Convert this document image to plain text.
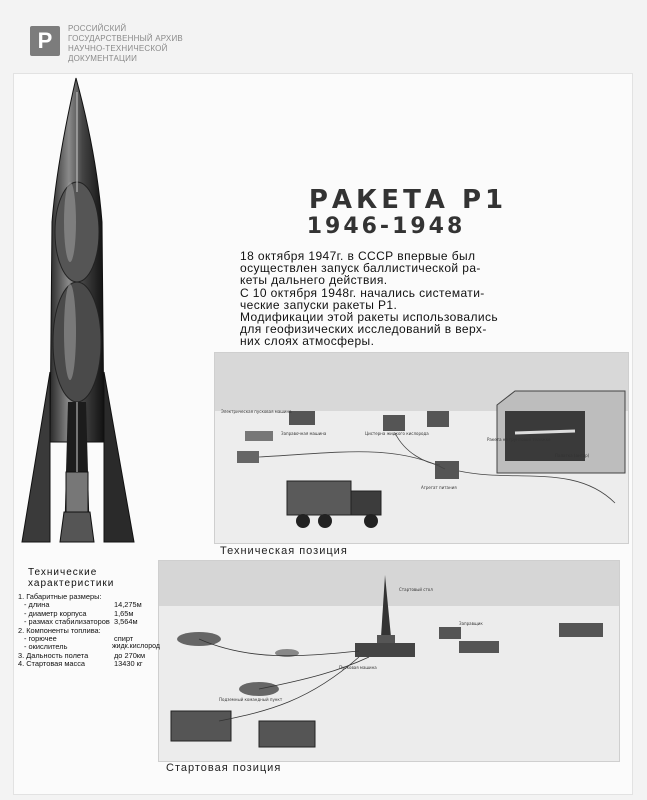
Р	РОССИЙСКИЙ
ГОСУДАРСТВЕННЫЙ АРХИВ
НАУЧНО-ТЕХНИЧЕСКОЙ
ДОКУМЕНТАЦИИ
РАКЕТА Р1
1946-1948

18 октября 1947г. в СССР впервые был

осуществлен запуск баллистической ра-

кеты дальнего действия.

С 10 октября 1948г. начались системати-

ческие запуски ракеты Р1.

Модификации этой ракеты использовались

для геофизических исследований в верх-

них слоях атмосферы.

Электрическая пусковая машина
Заправочная машина
Агрегат питания
Ракета на грунтовой тележке
Палатка (ангар)
Цистерна жидкого кислорода
Техническая позиция
Стартовый стол
Заправщик
Пусковая машина
Подземный командный пункт
Стартовая позиция
Технические
характеристики
1. Габаритные размеры:
- длина	14,275м
- диаметр корпуса	1,65м
- размах стабилизаторов 3,564м
2. Компоненты топлива:
- горючее	спирт
- окислитель	жидк.кислород
3. Дальность полета	до 270км
4. Стартовая масса	13430 кг
